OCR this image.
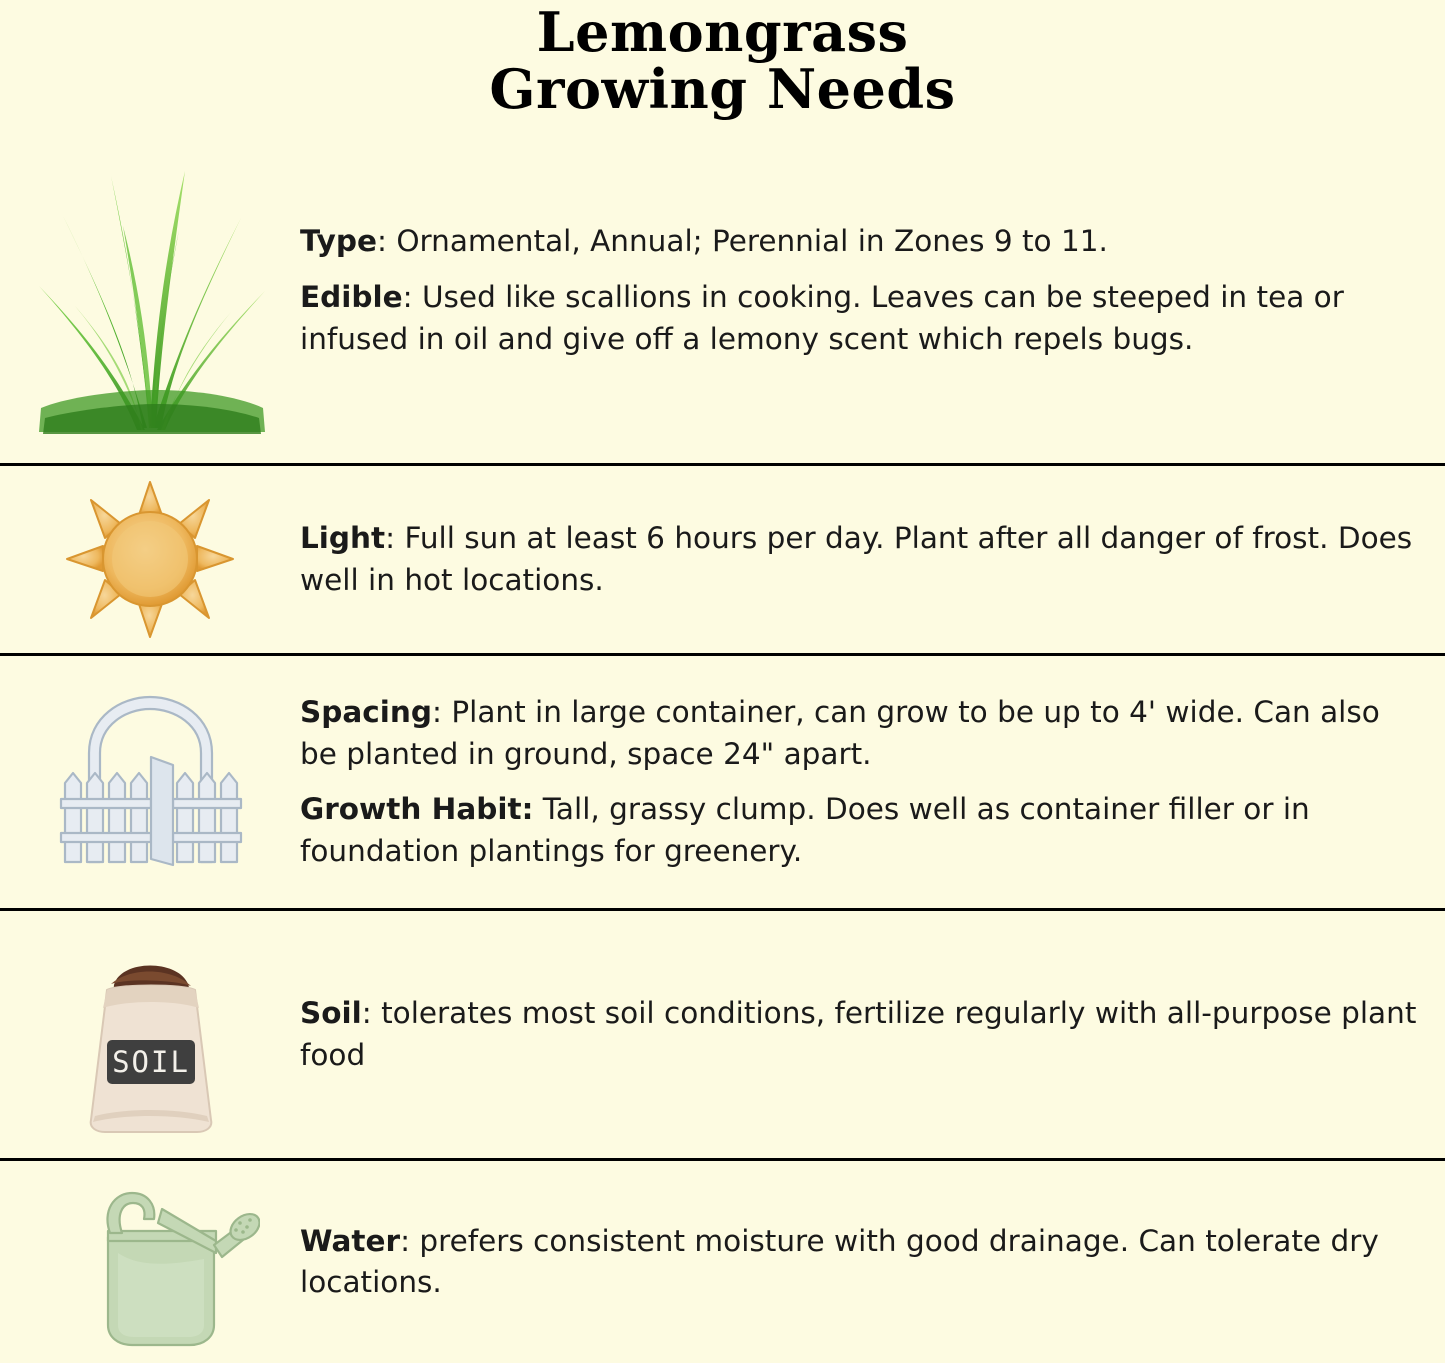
Lemongrass
Growing Needs

Type: Ornamental, Annual; Perennial in Zones 9 to 11.

Edible: Used like scallions in cooking. Leaves can be steeped in tea or infused in oil and give off a lemony scent which repels bugs.

Light: Full sun at least 6 hours per day. Plant after all danger of frost. Does well in hot locations.

Spacing: Plant in large container, can grow to be up to 4' wide. Can also be planted in ground, space 24" apart.

Growth Habit: Tall, grassy clump. Does well as container filler or in foundation plantings for greenery.

SOIL

Soil: tolerates most soil conditions, fertilize regularly with all-purpose plant food

Water: prefers consistent moisture with good drainage. Can tolerate dry locations.
